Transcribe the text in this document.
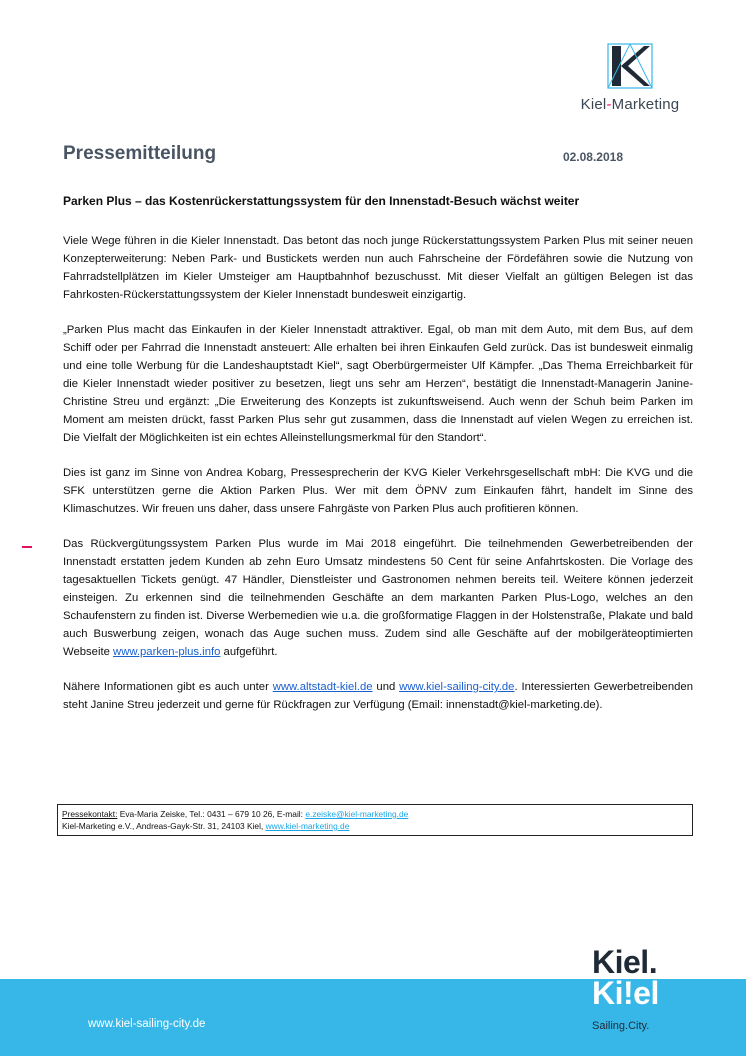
Kiel-Marketing
Pressemitteilung	02.08.2018
Parken Plus – das Kostenrückerstattungssystem für den Innenstadt-Besuch wächst weiter

Viele Wege führen in die Kieler Innenstadt. Das betont das noch junge Rückerstattungssystem Parken Plus mit seiner neuen Konzepterweiterung: Neben Park- und Bustickets werden nun auch Fahrscheine der Fördefähren sowie die Nutzung von Fahrradstellplätzen im Kieler Umsteiger am Hauptbahnhof bezuschusst. Mit dieser Vielfalt an gültigen Belegen ist das Fahrkosten-Rückerstattungssystem der Kieler Innenstadt bundesweit einzigartig.

„Parken Plus macht das Einkaufen in der Kieler Innenstadt attraktiver. Egal, ob man mit dem Auto, mit dem Bus, auf dem Schiff oder per Fahrrad die Innenstadt ansteuert: Alle erhalten bei ihren Einkaufen Geld zurück. Das ist bundesweit einmalig und eine tolle Werbung für die Landeshauptstadt Kiel“, sagt Oberbürgermeister Ulf Kämpfer. „Das Thema Erreichbarkeit für die Kieler Innenstadt wieder positiver zu besetzen, liegt uns sehr am Herzen“, bestätigt die Innenstadt-Managerin Janine-Christine Streu und ergänzt: „Die Erweiterung des Konzepts ist zukunftsweisend. Auch wenn der Schuh beim Parken im Moment am meisten drückt, fasst Parken Plus sehr gut zusammen, dass die Innenstadt auf vielen Wegen zu erreichen ist. Die Vielfalt der Möglichkeiten ist ein echtes Alleinstellungsmerkmal für den Standort“.

Dies ist ganz im Sinne von Andrea Kobarg, Pressesprecherin der KVG Kieler Verkehrsgesellschaft mbH: Die KVG und die SFK unterstützen gerne die Aktion Parken Plus. Wer mit dem ÖPNV zum Einkaufen fährt, handelt im Sinne des Klimaschutzes. Wir freuen uns daher, dass unsere Fahrgäste von Parken Plus auch profitieren können.

Das Rückvergütungssystem Parken Plus wurde im Mai 2018 eingeführt. Die teilnehmenden Gewerbetreibenden der Innenstadt erstatten jedem Kunden ab zehn Euro Umsatz mindestens 50 Cent für seine Anfahrtskosten. Die Vorlage des tagesaktuellen Tickets genügt. 47 Händler, Dienstleister und Gastronomen nehmen bereits teil. Weitere können jederzeit einsteigen. Zu erkennen sind die teilnehmenden Geschäfte an dem markanten Parken Plus-Logo, welches an den Schaufenstern zu finden ist. Diverse Werbemedien wie u.a. die großformatige Flaggen in der Holstenstraße, Plakate und bald auch Buswerbung zeigen, wonach das Auge suchen muss. Zudem sind alle Geschäfte auf der mobilgeräteoptimierten Webseite www.parken-plus.info aufgeführt.

Nähere Informationen gibt es auch unter www.altstadt-kiel.de und www.kiel-sailing-city.de. Interessierten Gewerbetreibenden steht Janine Streu jederzeit und gerne für Rückfragen zur Verfügung (Email: innenstadt@kiel-marketing.de).

Pressekontakt: Eva-Maria Zeiske, Tel.: 0431 – 679 10 26, E-mail: e.zeiske@kiel-marketing.de
Kiel-Marketing e.V., Andreas-Gayk-Str. 31, 24103 Kiel, www.kiel-marketing.de
www.kiel-sailing-city.de
Kiel.
Ki!el
Sailing.City.
